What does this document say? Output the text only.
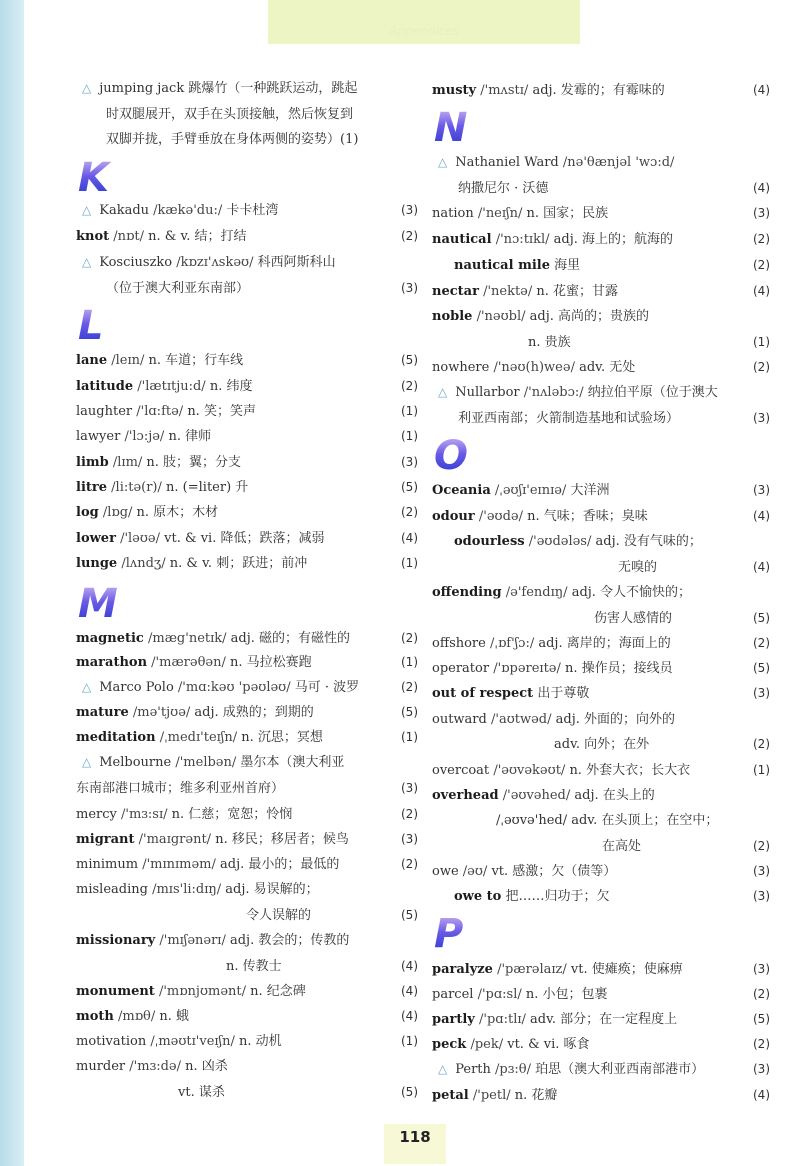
Appendices
△ jumping jack 跳爆竹（一种跳跃运动，跳起
时双腿展开，双手在头顶接触，然后恢复到
双脚并拢，手臂垂放在身体两侧的姿势）(1)
K
△ Kakadu /kækə'du:/ 卡卡杜湾	(3)
knot /nɒt/ n. & v. 结；打结	(2)
△ Kosciuszko /kɒzɪ'ʌskəʊ/ 科西阿斯科山
（位于澳大利亚东南部）	(3)
L
lane /leɪn/ n. 车道；行车线	(5)
latitude /'lætɪtju:d/ n. 纬度	(2)
laughter /'lɑ:ftə/ n. 笑；笑声	(1)
lawyer /'lɔ:jə/ n. 律师	(1)
limb /lɪm/ n. 肢；翼；分支	(3)
litre /li:tə(r)/ n. (=liter) 升	(5)
log /lɒg/ n. 原木；木材	(2)
lower /'ləʊə/ vt. & vi. 降低；跌落；减弱	(4)
lunge /lʌndʒ/ n. & v. 刺；跃进；前冲	(1)
M
magnetic /mæg'netɪk/ adj. 磁的；有磁性的	(2)
marathon /'mærəθən/ n. 马拉松赛跑	(1)
△ Marco Polo /'mɑ:kəʊ 'pəʊləʊ/ 马可 · 波罗	(2)
mature /mə'tjʊə/ adj. 成熟的；到期的	(5)
meditation /ˌmedɪ'teɪʃn/ n. 沉思；冥想	(1)
△ Melbourne /'melbən/ 墨尔本（澳大利亚
东南部港口城市；维多利亚州首府）	(3)
mercy /'mɜ:sɪ/ n. 仁慈；宽恕；怜悯	(2)
migrant /'maɪgrənt/ n. 移民；移居者；候鸟	(3)
minimum /'mɪnɪməm/ adj. 最小的；最低的	(2)
misleading /mɪs'li:dɪŋ/ adj. 易误解的；
令人误解的	(5)
missionary /'mɪʃənərɪ/ adj. 教会的；传教的
n. 传教士	(4)
monument /'mɒnjʊmənt/ n. 纪念碑	(4)
moth /mɒθ/ n. 蛾	(4)
motivation /ˌməʊtɪ'veɪʃn/ n. 动机	(1)
murder /'mɜ:də/ n. 凶杀
vt. 谋杀	(5)
musty /'mʌstɪ/ adj. 发霉的；有霉味的	(4)
N
△ Nathaniel Ward /nə'θænjəl 'wɔ:d/
纳撒尼尔 · 沃德	(4)
nation /'neɪʃn/ n. 国家；民族	(3)
nautical /'nɔ:tɪkl/ adj. 海上的；航海的	(2)
nautical mile 海里	(2)
nectar /'nektə/ n. 花蜜；甘露	(4)
noble /'nəʊbl/ adj. 高尚的；贵族的
n. 贵族	(1)
nowhere /'nəʊ(h)weə/ adv. 无处	(2)
△ Nullarbor /'nʌləbɔ:/ 纳拉伯平原（位于澳大
利亚西南部；火箭制造基地和试验场）	(3)
O
Oceania /ˌəʊʃɪ'eɪnɪə/ 大洋洲	(3)
odour /'əʊdə/ n. 气味；香味；臭味	(4)
odourless /'əʊdələs/ adj. 没有气味的；
无嗅的	(4)
offending /ə'fendɪŋ/ adj. 令人不愉快的；
伤害人感情的	(5)
offshore /ˌɒf'ʃɔ:/ adj. 离岸的；海面上的	(2)
operator /'ɒpəreɪtə/ n. 操作员；接线员	(5)
out of respect 出于尊敬	(3)
outward /'aʊtwəd/ adj. 外面的；向外的
adv. 向外；在外	(2)
overcoat /'əʊvəkəʊt/ n. 外套大衣；长大衣	(1)
overhead /'əʊvəhed/ adj. 在头上的
/ˌəʊvə'hed/ adv. 在头顶上；在空中；
在高处	(2)
owe /əʊ/ vt. 感激；欠（债等）	(3)
owe to 把……归功于；欠	(3)
P
paralyze /'pærəlaɪz/ vt. 使瘫痪；使麻痹	(3)
parcel /'pɑ:sl/ n. 小包；包裹	(2)
partly /'pɑ:tlɪ/ adv. 部分；在一定程度上	(5)
peck /pek/ vt. & vi. 啄食	(2)
△ Perth /pɜ:θ/ 珀思（澳大利亚西南部港市）	(3)
petal /'petl/ n. 花瓣	(4)
118
